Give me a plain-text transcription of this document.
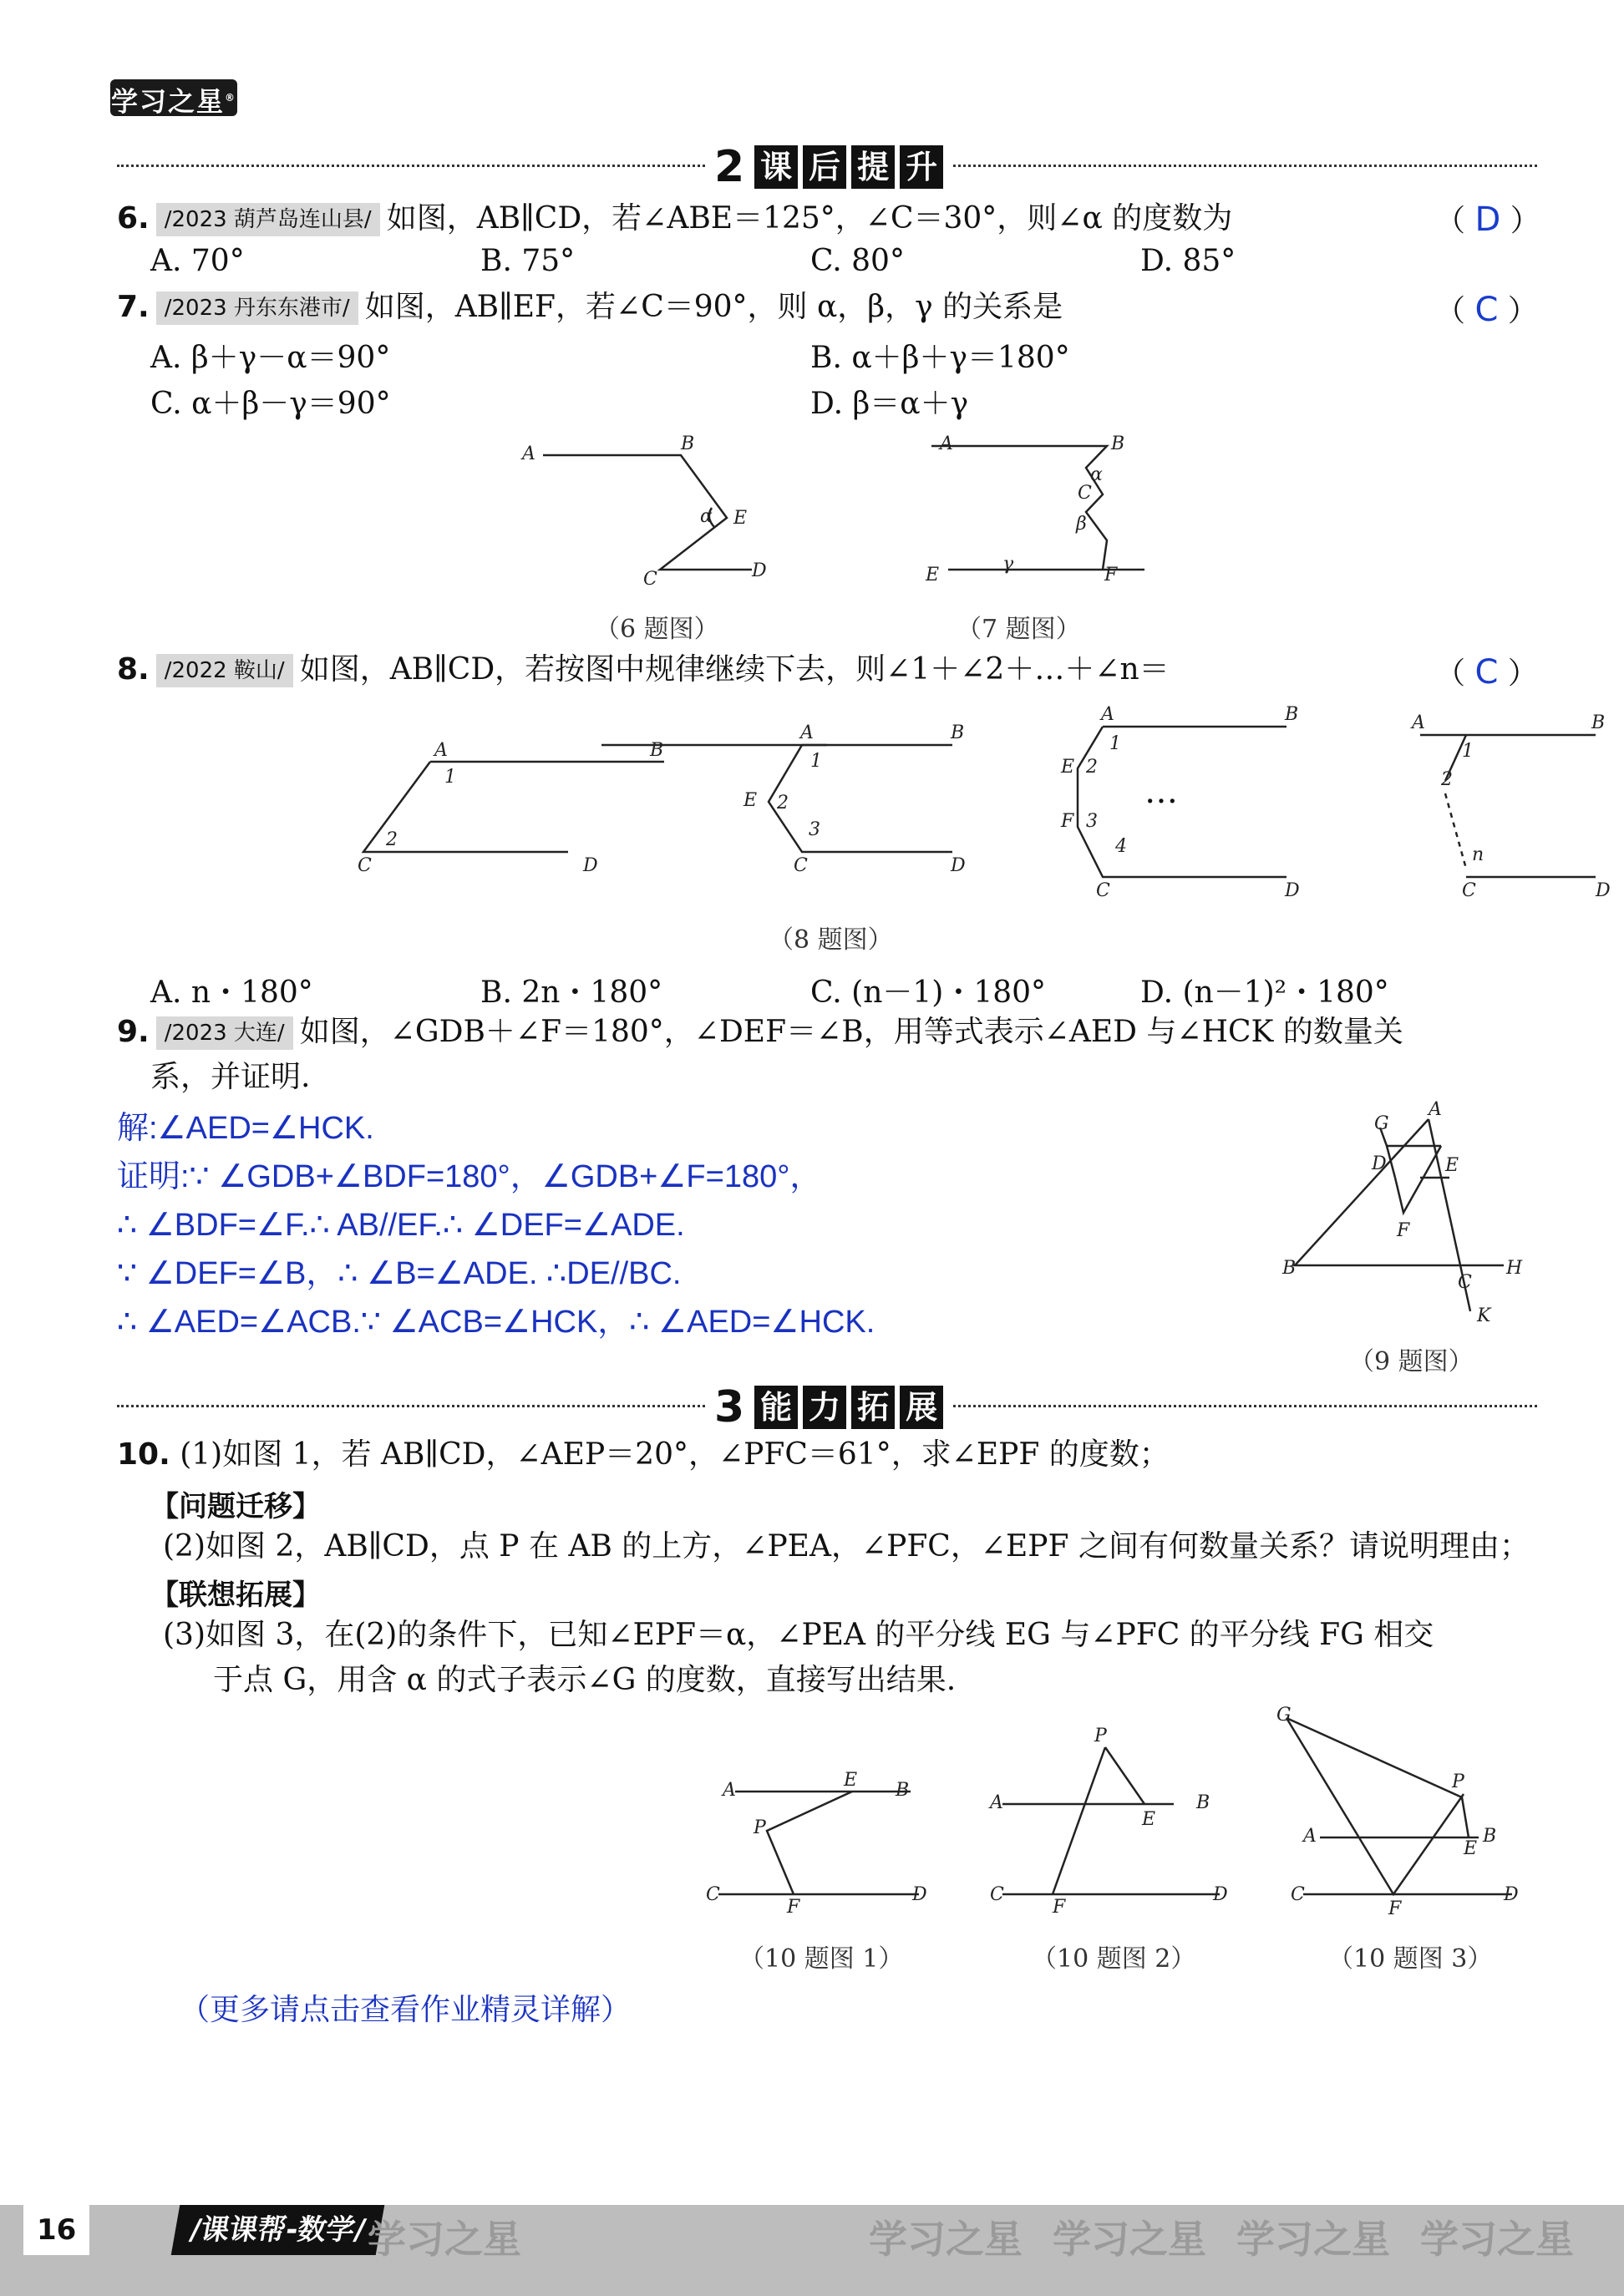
学习之星®
2 课 后 提 升
6. /2023 葫芦岛连山县/ 如图，AB∥CD，若∠ABE＝125°，∠C＝30°，则∠α 的度数为	（ D ）
A. 70°	B. 75°	C. 80°	D. 85°
7. /2023 丹东东港市/ 如图，AB∥EF，若∠C＝90°，则 α，β，γ 的关系是	（ C ）
A. β＋γ－α＝90°	B. α＋β＋γ＝180°
C. α＋β－γ＝90°	D. β＝α＋γ
A	B
E
C	D
α
A	B
C
E	F
α
β
γ
（6 题图）	（7 题图）
8. /2022 鞍山/ 如图，AB∥CD，若按图中规律继续下去，则∠1＋∠2＋…＋∠n＝	（ C ）
A	B
1
2
C	D
A	B
1
E 2
3
C	D
A	B
1
E 2
F 3
4
C	D
A	B
1
2
n
C	D
…
（8 题图）
A. n・180°	B. 2n・180°	C. (n－1)・180°	D. (n－1)²・180°
9. /2023 大连/ 如图，∠GDB＋∠F＝180°，∠DEF＝∠B，用等式表示∠AED 与∠HCK 的数量关
系，并证明.
解:∠AED=∠HCK.
证明:∵ ∠GDB+∠BDF=180°，∠GDB+∠F=180°，
∴ ∠BDF=∠F.∴ AB//EF.∴ ∠DEF=∠ADE.
∵ ∠DEF=∠B，∴ ∠B=∠ADE. ∴DE//BC.
∴ ∠AED=∠ACB.∵ ∠ACB=∠HCK，∴ ∠AED=∠HCK.
G
A
D	E
F
B
C
H
K
（9 题图）
3 能 力 拓 展
10. (1)如图 1，若 AB∥CD，∠AEP＝20°，∠PFC＝61°，求∠EPF 的度数；
【问题迁移】
(2)如图 2，AB∥CD，点 P 在 AB 的上方，∠PEA，∠PFC，∠EPF 之间有何数量关系？请说明理由；
【联想拓展】
(3)如图 3，在(2)的条件下，已知∠EPF＝α，∠PEA 的平分线 EG 与∠PFC 的平分线 FG 相交
于点 G，用含 α 的式子表示∠G 的度数，直接写出结果.
A	E B
P
C
F
D
A
P
E
B
C
F
D
G
P
A
E
B
C
F
D
（10 题图 1）	（10 题图 2）	（10 题图 3）
（更多请点击查看作业精灵详解）
16	/课课帮-数学/ 学习之星	学习之星 学习之星 学习之星 学习之星
